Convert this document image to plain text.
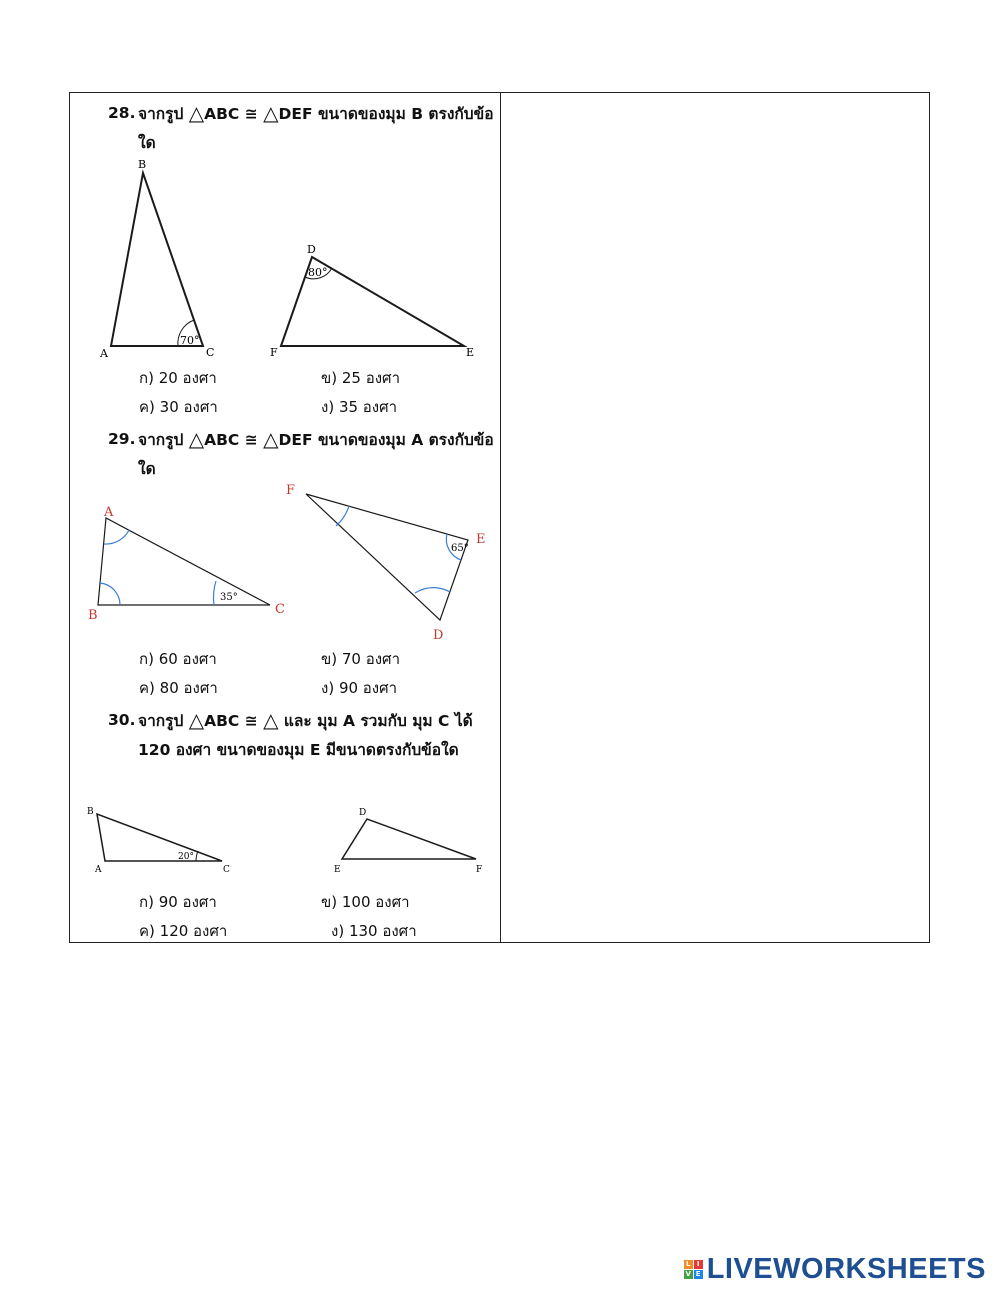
28. จากรูป △ABC ≅ △DEF ขนาดของมุม B ตรงกับข้อใด
70°
B
A	C
80°
D
F	E
ก) 20 องศา	ข) 25 องศา
ค) 30 องศา	ง) 35 องศา
29. จากรูป △ABC ≅ △DEF ขนาดของมุม A ตรงกับข้อใด
35°
A
B	C
65°
F
E
D
ก) 60 องศา	ข) 70 องศา
ค) 80 องศา	ง) 90 องศา
30. จากรูป △ABC ≅ △ และ มุม A รวมกับ มุม C ได้ 120 องศา ขนาดของมุม E มีขนาดตรงกับข้อใด
20°
B
A	C
D
E	F
ก) 90 องศา	ข) 100 องศา
ค) 120 องศา	ง) 130 องศา
L I
V E LIVEWORKSHEETS
